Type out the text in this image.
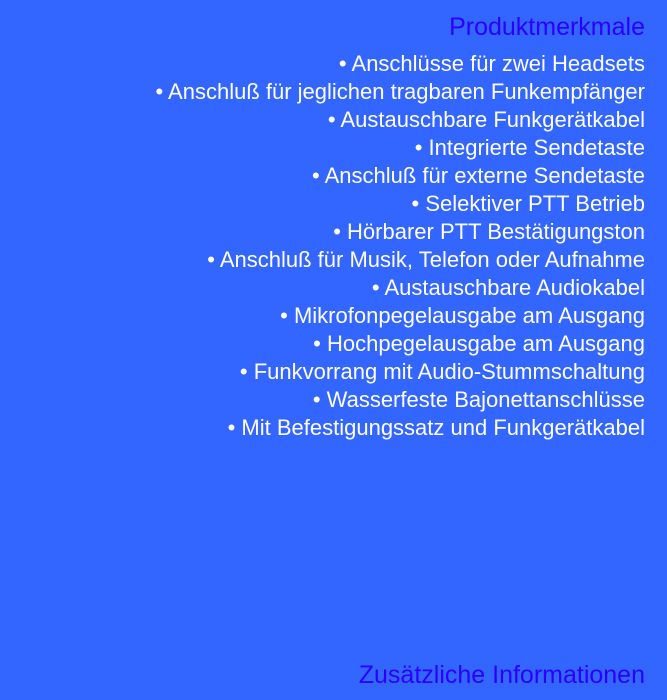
Produktmerkmale
• Anschlüsse für zwei Headsets
• Anschluß für jeglichen tragbaren Funkempfänger
• Austauschbare Funkgerätkabel
• Integrierte Sendetaste
• Anschluß für externe Sendetaste
• Selektiver PTT Betrieb
• Hörbarer PTT Bestätigungston
• Anschluß für Musik, Telefon oder Aufnahme
• Austauschbare Audiokabel
• Mikrofonpegelausgabe am Ausgang
• Hochpegelausgabe am Ausgang
• Funkvorrang mit Audio-Stummschaltung
• Wasserfeste Bajonettanschlüsse
• Mit Befestigungssatz und Funkgerätkabel
Zusätzliche Informationen
